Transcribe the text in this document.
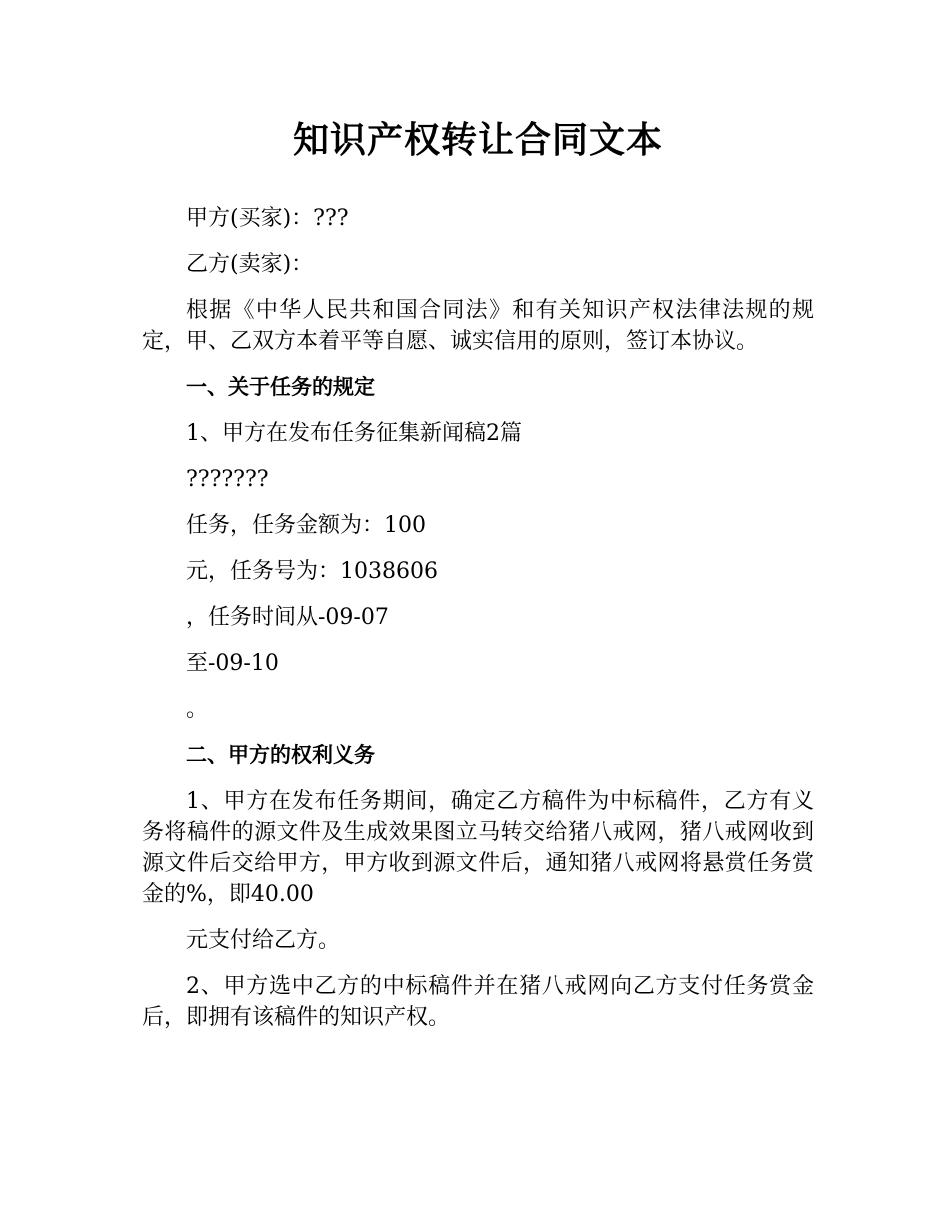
知识产权转让合同文本

甲方(买家)：???

乙方(卖家)：

根据《中华人民共和国合同法》和有关知识产权法律法规的规定，甲、乙双方本着平等自愿、诚实信用的原则，签订本协议。

一、关于任务的规定

1、甲方在发布任务征集新闻稿2篇

???????

任务，任务金额为：100

元，任务号为：1038606

，任务时间从-09-07

至-09-10

。

二、甲方的权利义务

1、甲方在发布任务期间，确定乙方稿件为中标稿件，乙方有义务将稿件的源文件及生成效果图立马转交给猪八戒网，猪八戒网收到源文件后交给甲方，甲方收到源文件后，通知猪八戒网将悬赏任务赏金的%，即40.00

元支付给乙方。

2、甲方选中乙方的中标稿件并在猪八戒网向乙方支付任务赏金后，即拥有该稿件的知识产权。
